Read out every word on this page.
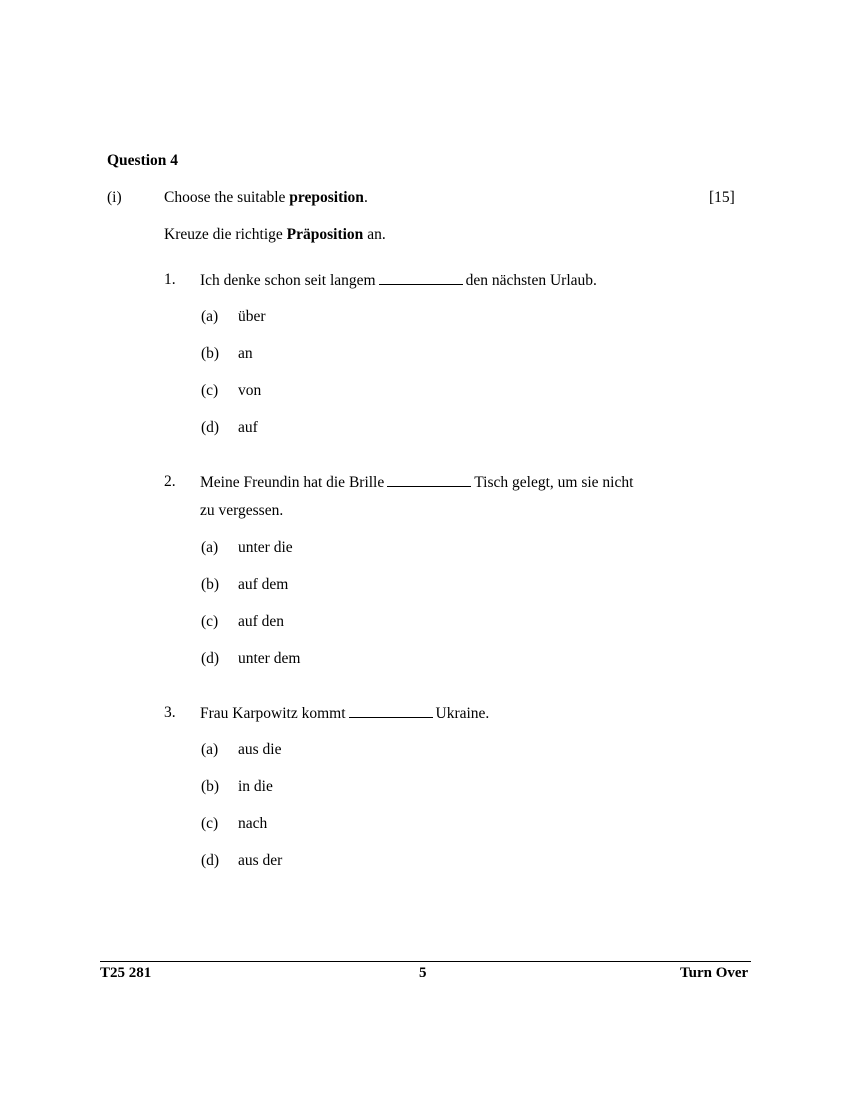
Question 4
(i)	Choose the suitable preposition.	[15]
Kreuze die richtige Präposition an.
1. Ich denke schon seit langem	den nächsten Urlaub.
(a) über
(b) an
(c) von
(d) auf
2. Meine Freundin hat die Brille	Tisch gelegt, um sie nicht
zu vergessen.
(a) unter die
(b) auf dem
(c) auf den
(d) unter dem
3. Frau Karpowitz kommt	Ukraine.
(a) aus die
(b) in die
(c) nach
(d) aus der
T25 281	5	Turn Over
